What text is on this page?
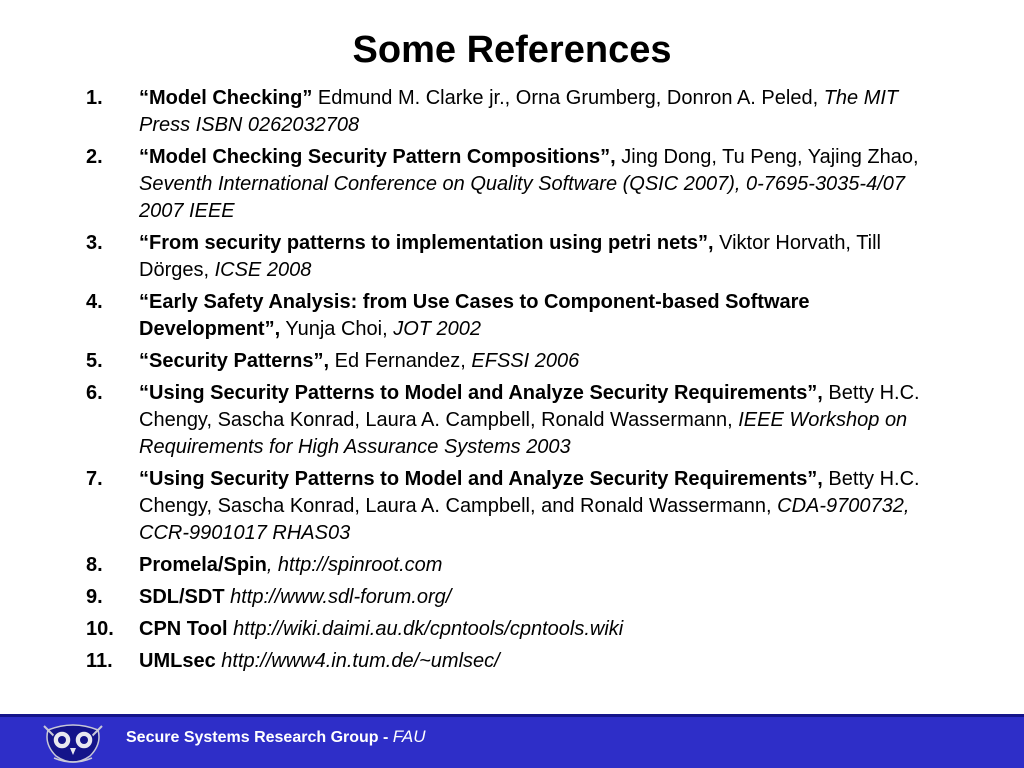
Some References
1. “Model Checking” Edmund M. Clarke jr., Orna Grumberg, Donron A. Peled, The MIT Press ISBN 0262032708
2. “Model Checking Security Pattern Compositions”, Jing Dong, Tu Peng, Yajing Zhao, Seventh International Conference on Quality Software (QSIC 2007), 0-7695-3035-4/07 2007 IEEE
3. “From security patterns to implementation using petri nets”, Viktor Horvath, Till Dörges, ICSE 2008
4. “Early Safety Analysis: from Use Cases to Component-based Software Development”, Yunja Choi, JOT 2002
5. “Security Patterns”, Ed Fernandez, EFSSI 2006
6. “Using Security Patterns to Model and Analyze Security Requirements”, Betty H.C. Chengy, Sascha Konrad, Laura A. Campbell, Ronald Wassermann, IEEE Workshop on Requirements for High Assurance Systems 2003
7. “Using Security Patterns to Model and Analyze Security Requirements”, Betty H.C. Chengy, Sascha Konrad, Laura A. Campbell, and Ronald Wassermann, CDA-9700732, CCR-9901017 RHAS03
8. Promela/Spin, http://spinroot.com
9. SDL/SDT http://www.sdl-forum.org/
10. CPN Tool http://wiki.daimi.au.dk/cpntools/cpntools.wiki
11. UMLsec http://www4.in.tum.de/~umlsec/
Secure Systems Research Group - FAU
